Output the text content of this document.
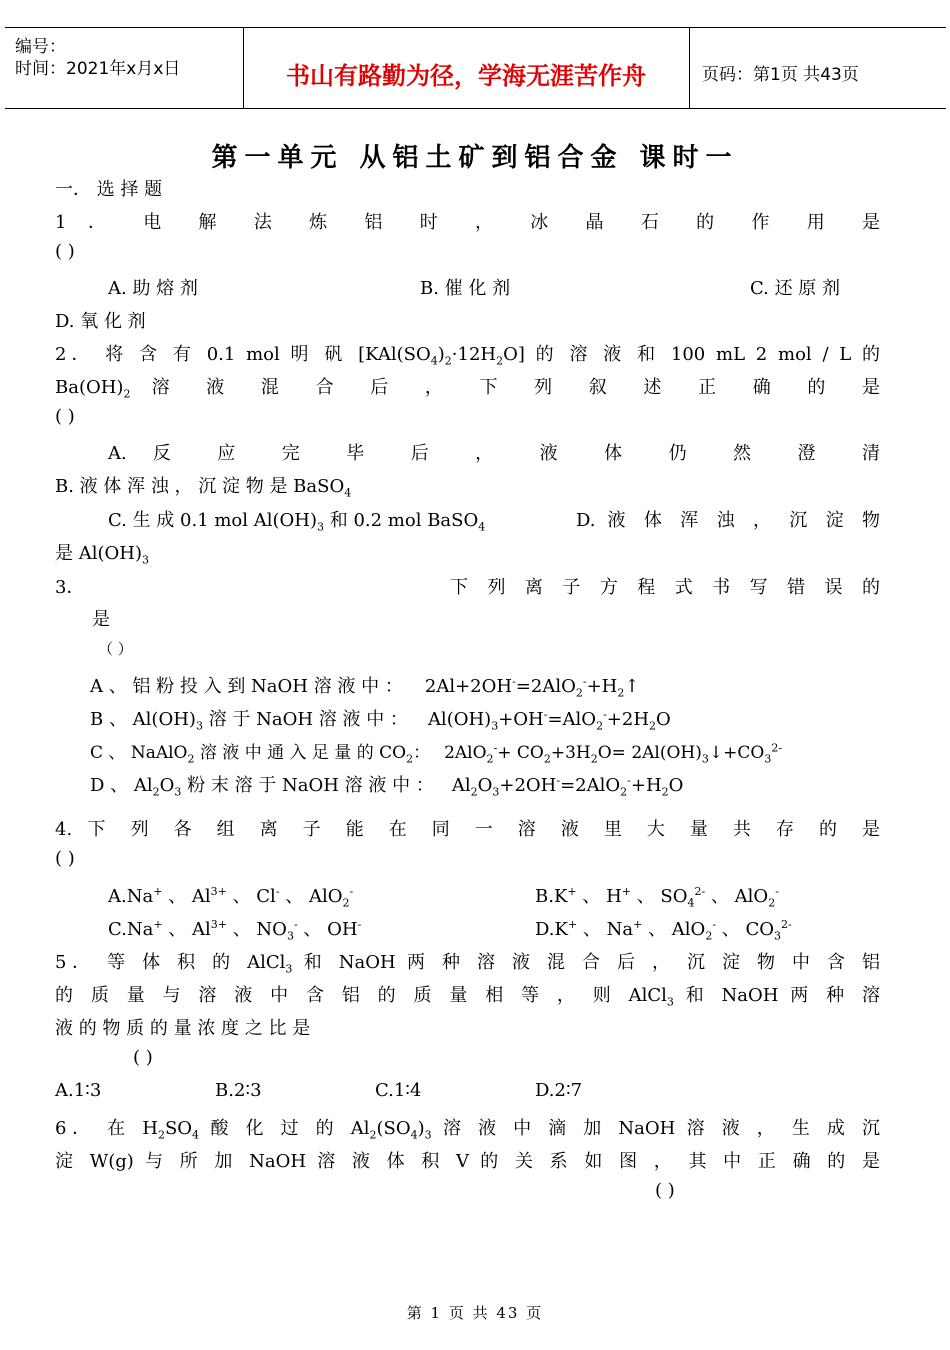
编号：
时间：2021年x月x日	书山有路勤为径，学海无涯苦作舟	页码：第1页 共43页
第一单元 从铝土矿到铝合金 课时一
一． 选 择 题
1 ． 电 解 法 炼 铝 时 ， 冰 晶 石 的 作 用 是
( )
A. 助 熔 剂	B. 催 化 剂	C. 还 原 剂
D. 氧 化 剂
2． 将 含 有 0.1 mol 明 矾 $[KAl(SO_4)_2\cdot 12H_2O]$ 的 溶 液 和 100 mL 2 mol / L 的
$Ba(OH)_2$ 溶 液 混 合 后 ， 下 列 叙 述 正 确 的 是
( )
A. 反 应 完 毕 后 ， 液 体 仍 然 澄 清
B. 液 体 浑 浊 ， 沉 淀 物 是 BaSO$_4$
C. 生 成 0.1 mol $Al(OH)_3$ 和 0.2 mol BaSO$_4$	D. 液 体 浑 浊 ， 沉 淀 物
是 $Al(OH)_3$
3．	下 列 离 子 方 程 式 书 写 错 误 的
是
（ ）
A 、 铝 粉 投 入 到 NaOH 溶 液 中 ： $2Al+2OH^-=2AlO_2^-+H_2↑$
B 、 $Al(OH)_3$ 溶 于 NaOH 溶 液 中 ： $Al(OH)_3+OH^-=AlO_2^-+2H_2O$
C 、 NaAlO$_2$ 溶 液 中 通 入 足 量 的 $CO_2$： $2AlO_2^-+ CO_2+3H_2O=$ $2Al(OH)_3↓+CO_3^{2-}$
D 、 $Al_2O_3$ 粉 末 溶 于 NaOH 溶 液 中 ： $Al_2O_3+2OH^-=2AlO_2^-+H_2O$
4. 下 列 各 组 离 子 能 在 同 一 溶 液 里 大 量 共 存 的 是
( )
A.Na+ 、 $Al^{3+}$ 、 Cl- 、 AlO$_2$-	B.K+ 、 H+ 、 $SO_4^{2-}$ 、 AlO$_2$-
C.Na+ 、 $Al^{3+}$ 、 $NO_3^-$ 、 OH-	D.K+ 、 Na+ 、 AlO$_2$- 、 $CO_3^{2-}$
5． 等 体 积 的 AlCl$_3$ 和 NaOH 两 种 溶 液 混 合 后 ， 沉 淀 物 中 含 铝
的 质 量 与 溶 液 中 含 铝 的 质 量 相 等 ， 则 AlCl$_3$ 和 NaOH 两 种 溶
液 的 物 质 的 量 浓 度 之 比 是
( )
A.1∶3	B.2∶3	C.1∶4	D.2∶7
6． 在 $H_2SO_4$ 酸 化 过 的 $Al_2(SO_4)_3$ 溶 液 中 滴 加 NaOH 溶 液 ， 生 成 沉
淀 W(g) 与 所 加 NaOH 溶 液 体 积 V 的 关 系 如 图 ， 其 中 正 确 的 是
( )
第 1 页 共 43 页
